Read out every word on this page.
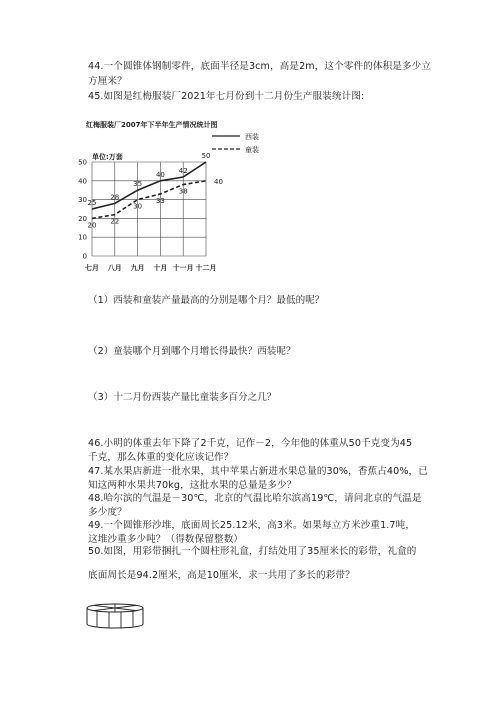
44.一个圆锥体钢制零件，底面半径是3cm，高是2m，这个零件的体积是多少立
方厘米？
45.如图是红梅服装厂2021年七月份到十二月份生产服装统计图:
红梅服装厂2007年下半年生产情况统计图
单位:万套
西装
童装
0
10
20
30
40
50
七月 八月 九月 十月 十一月 十二月
25
28
35
40 42
50
20 22
30
33
38
40
（1）西装和童装产量最高的分别是哪个月？最低的呢？
（2）童装哪个月到哪个月增长得最快？西装呢？
（3）十二月份西装产量比童装多百分之几？
46.小明的体重去年下降了2千克，记作－2，今年他的体重从50千克变为45
千克，那么体重的变化应该记作？
47.某水果店新进一批水果，其中苹果占新进水果总量的30%，香蕉占40%，已
知这两种水果共70kg，这批水果的总量是多少？
48.哈尔滨的气温是－30℃，北京的气温比哈尔滨高19℃，请问北京的气温是
多少度？
49.一个圆锥形沙堆，底面周长25.12米，高3米。如果每立方米沙重1.7吨，
这堆沙重多少吨？（得数保留整数）
50.如图，用彩带捆扎一个圆柱形礼盒，打结处用了35厘米长的彩带，礼盒的
底面周长是94.2厘米，高是10厘米，求一共用了多长的彩带？
